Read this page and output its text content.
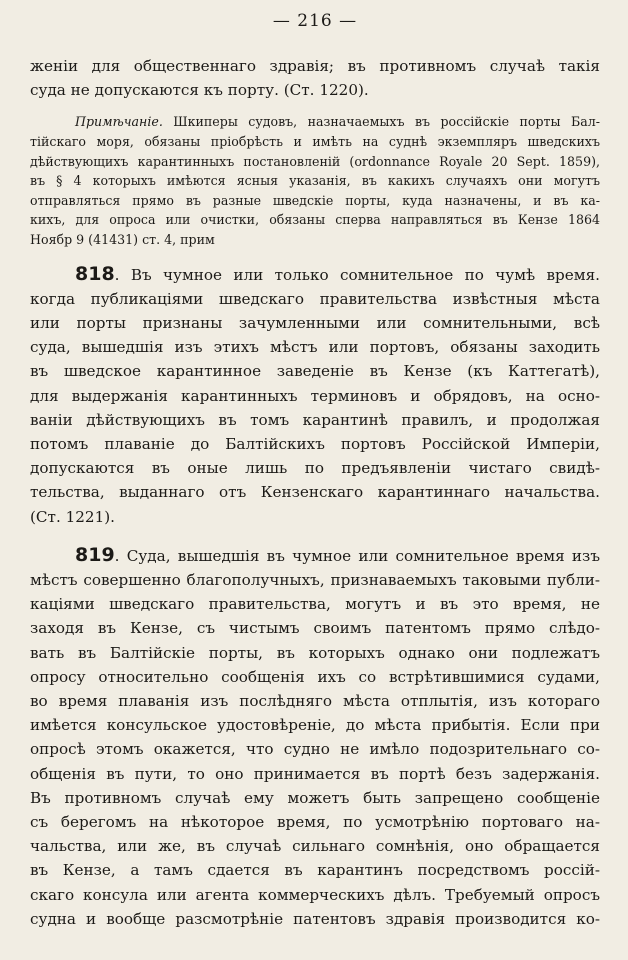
— 216 —
женіи для общественнаго здравія; въ противномъ случаѣ такія
суда не допускаются къ порту. (Ст. 1220).
Примѣчаніе. Шкиперы судовъ, назначаемыхъ въ россійскіе порты Бал-
тійскаго моря, обязаны пріобрѣсть и имѣть на суднѣ экземпляръ шведскихъ
дѣйствующихъ карантинныхъ постановленій (ordonnance Royale 20 Sept. 1859),
въ § 4 которыхъ имѣются ясныя указанія, въ какихъ случаяхъ они могутъ
отправляться прямо въ разные шведскіе порты, куда назначены, и въ ка-
кихъ, для опроса или очистки, обязаны сперва направляться въ Кензе 1864
Ноябр 9 (41431) ст. 4, прим
818. Въ чумное или только сомнительное по чумѣ время.
когда публикаціями шведскаго правительства извѣстныя мѣста
или порты признаны зачумленными или сомнительными, всѣ
суда, вышедшія изъ этихъ мѣстъ или портовъ, обязаны заходить
въ шведское карантинное заведеніе въ Кензе (къ Каттегатѣ),
для выдержанія карантинныхъ терминовъ и обрядовъ, на осно-
ваніи дѣйствующихъ въ томъ карантинѣ правилъ, и продолжая
потомъ плаваніе до Балтійскихъ портовъ Россійской Имперіи,
допускаются въ оные лишь по предъявленіи чистаго свидѣ-
тельства, выданнаго отъ Кензенскаго карантиннаго начальства.
(Ст. 1221).
819. Суда, вышедшія въ чумное или сомнительное время изъ
мѣстъ совершенно благополучныхъ, признаваемыхъ таковыми публи-
каціями шведскаго правительства, могутъ и въ это время, не
заходя въ Кензе, съ чистымъ своимъ патентомъ прямо слѣдо-
вать въ Балтійскіе порты, въ которыхъ однако они подлежатъ
опросу относительно сообщенія ихъ со встрѣтившимися судами,
во время плаванія изъ послѣдняго мѣста отплытія, изъ котораго
имѣется консульское удостовѣреніе, до мѣста прибытія. Если при
опросѣ этомъ окажется, что судно не имѣло подозрительнаго со-
общенія въ пути, то оно принимается въ портѣ безъ задержанія.
Въ противномъ случаѣ ему можетъ быть запрещено сообщеніе
съ берегомъ на нѣкоторое время, по усмотрѣнію портоваго на-
чальства, или же, въ случаѣ сильнаго сомнѣнія, оно обращается
въ Кензе, а тамъ сдается въ карантинъ посредствомъ россій-
скаго консула или агента коммерческихъ дѣлъ. Требуемый опросъ
судна и вообще разсмотрѣніе патентовъ здравія производится ко-
